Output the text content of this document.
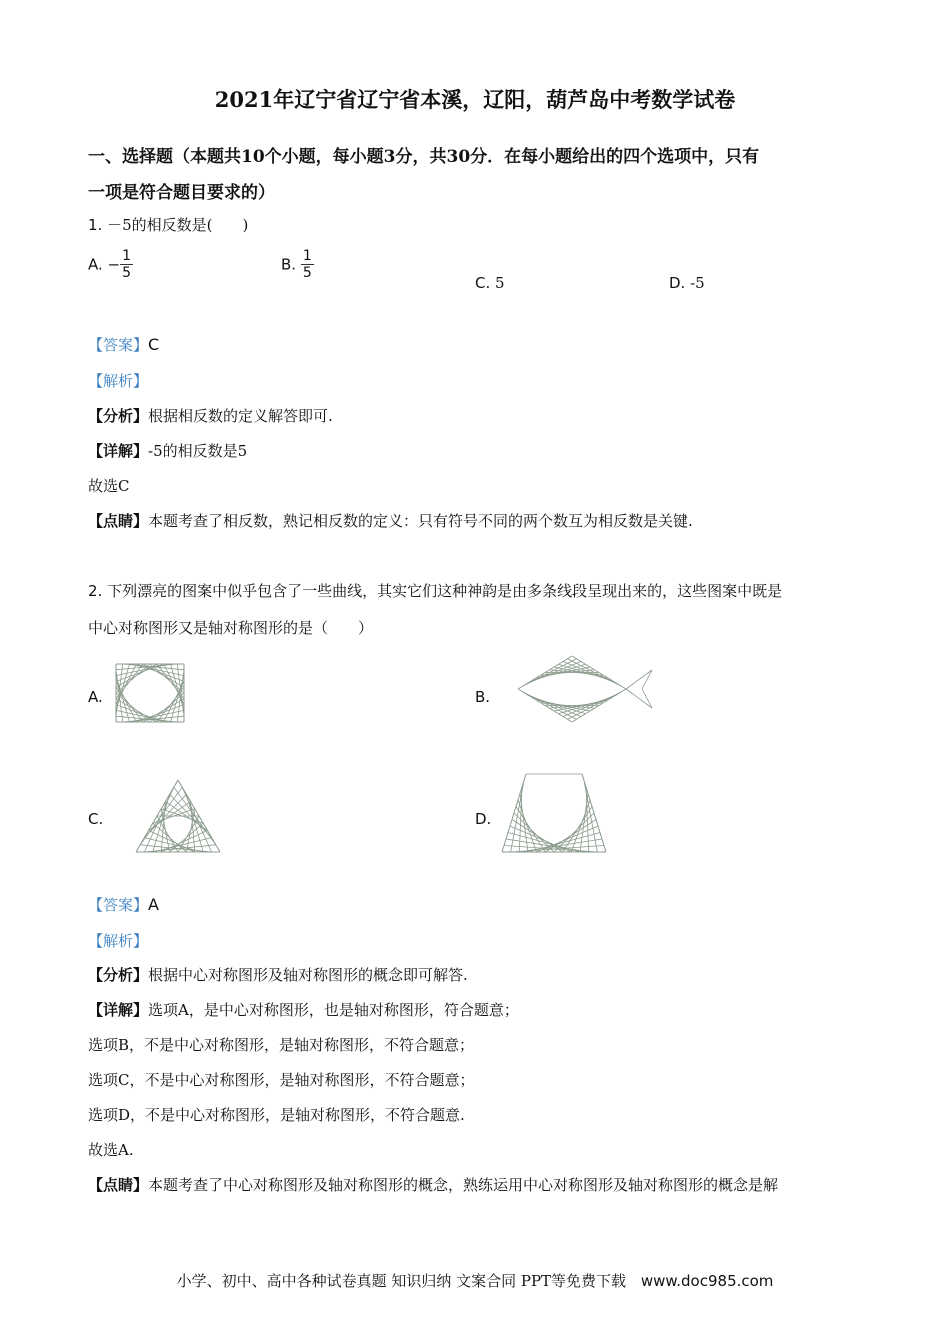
2021年辽宁省辽宁省本溪，辽阳，葫芦岛中考数学试卷
一、选择题（本题共10个小题，每小题3分，共30分．在每小题给出的四个选项中，只有
一项是符合题目要求的）
1. －5的相反数是(　　)
A. − $\frac{1}{5}$	B. $\frac{1}{5}$
C. 5	D. -5
【答案】C
【解析】
【分析】根据相反数的定义解答即可.
【详解】-5的相反数是5
故选C
【点睛】本题考查了相反数，熟记相反数的定义：只有符号不同的两个数互为相反数是关键.
2. 下列漂亮的图案中似乎包含了一些曲线，其实它们这种神韵是由多条线段呈现出来的，这些图案中既是
中心对称图形又是轴对称图形的是（　　）
A.	B.
C.	D.
【答案】A
【解析】
【分析】根据中心对称图形及轴对称图形的概念即可解答.
【详解】选项A，是中心对称图形，也是轴对称图形，符合题意；
选项B，不是中心对称图形，是轴对称图形，不符合题意；
选项C，不是中心对称图形，是轴对称图形，不符合题意；
选项D，不是中心对称图形，是轴对称图形，不符合题意.
故选A.
【点睛】本题考查了中心对称图形及轴对称图形的概念，熟练运用中心对称图形及轴对称图形的概念是解
小学、初中、高中各种试卷真题 知识归纳 文案合同 PPT等免费下载 www.doc985.com
